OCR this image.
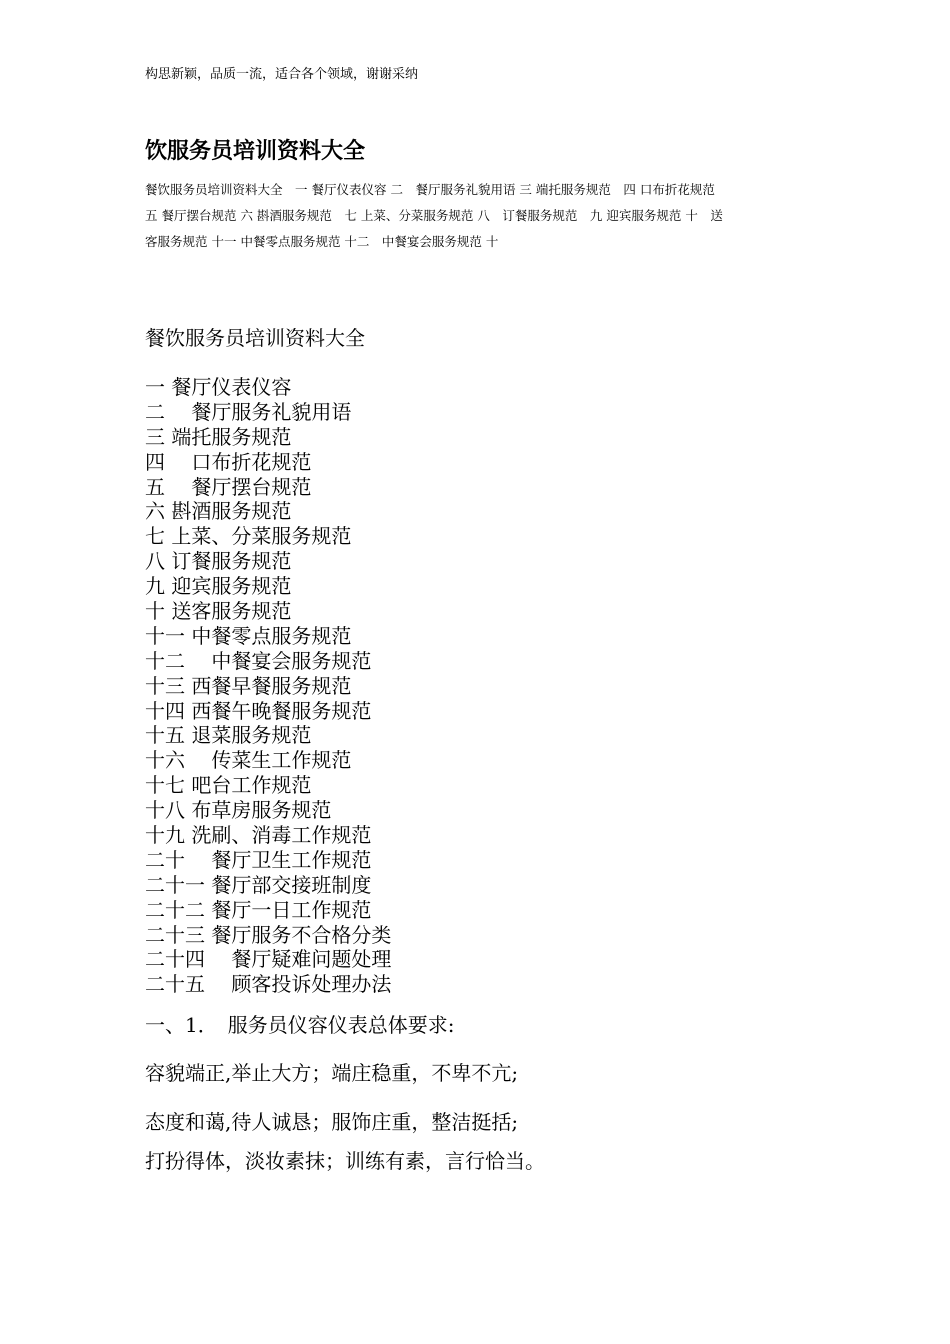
构思新颖，品质一流，适合各个领域，谢谢采纳
饮服务员培训资料大全
餐饮服务员培训资料大全　一 餐厅仪表仪容 二　餐厅服务礼貌用语 三 端托服务规范　四 口布折花规范
五 餐厅摆台规范 六 斟酒服务规范　七 上菜、分菜服务规范 八　订餐服务规范　九 迎宾服务规范 十　送
客服务规范 十一 中餐零点服务规范 十二　中餐宴会服务规范 十
餐饮服务员培训资料大全
一 餐厅仪表仪容
二　 餐厅服务礼貌用语
三 端托服务规范
四　 口布折花规范
五　 餐厅摆台规范
六 斟酒服务规范
七 上菜、分菜服务规范
八 订餐服务规范
九 迎宾服务规范
十 送客服务规范
十一 中餐零点服务规范
十二　 中餐宴会服务规范
十三 西餐早餐服务规范
十四 西餐午晚餐服务规范
十五 退菜服务规范
十六　 传菜生工作规范
十七 吧台工作规范
十八 布草房服务规范
十九 洗刷、消毒工作规范
二十　 餐厅卫生工作规范
二十一 餐厅部交接班制度
二十二 餐厅一日工作规范
二十三 餐厅服务不合格分类
二十四　 餐厅疑难问题处理
二十五　 顾客投诉处理办法
一、1．　服务员仪容仪表总体要求:

容貌端正,举止大方；端庄稳重，不卑不亢;

态度和蔼,待人诚恳；服饰庄重，整洁挺括;

打扮得体，淡妆素抹；训练有素，言行恰当。
